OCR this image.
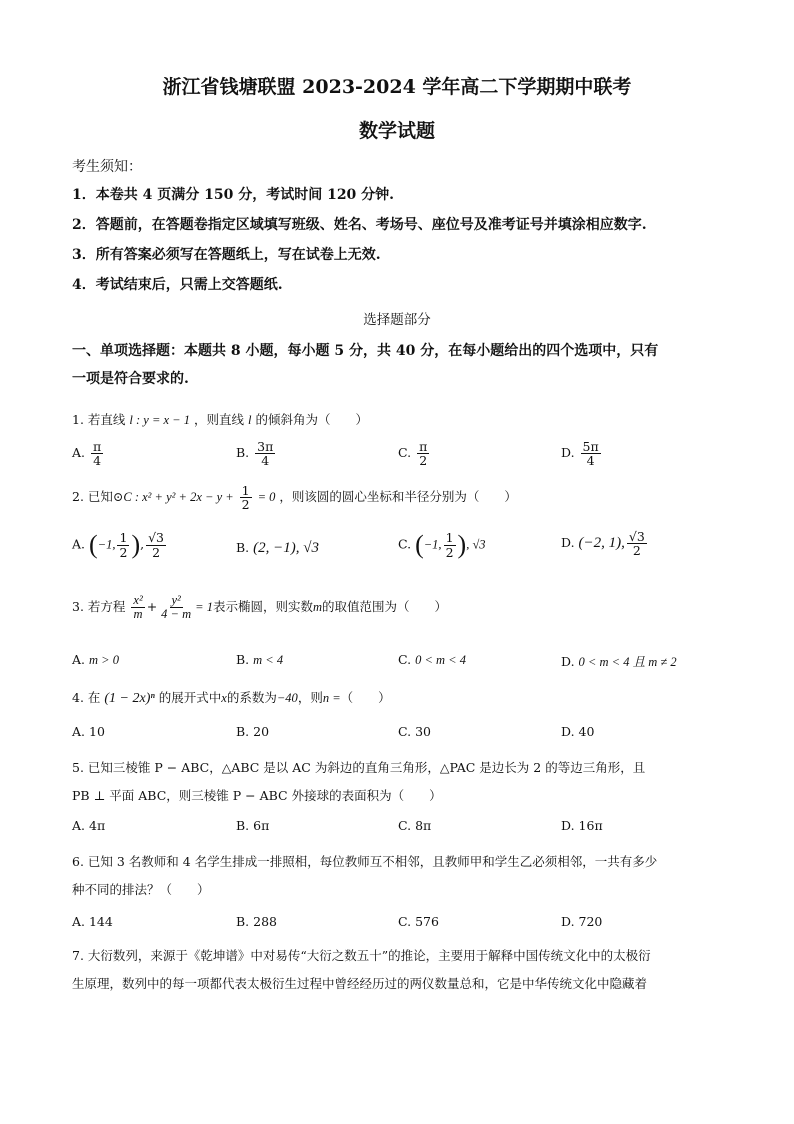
浙江省钱塘联盟 2023-2024 学年高二下学期期中联考
数学试题
考生须知：
1．本卷共 4 页满分 150 分，考试时间 120 分钟.
2．答题前，在答题卷指定区域填写班级、姓名、考场号、座位号及准考证号并填涂相应数字.
3．所有答案必须写在答题纸上，写在试卷上无效.
4．考试结束后，只需上交答题纸.
选择题部分
一、单项选择题：本题共 8 小题，每小题 5 分，共 40 分，在每小题给出的四个选项中，只有
一项是符合要求的.
1. 若直线 l : y = x − 1 ，则直线 l 的倾斜角为（　　）
A. $\frac{\pi}{4}$	B. $\frac{3\pi}{4}$	C. $\frac{\pi}{2}$	D. $\frac{5\pi}{4}$
2. 已知⊙C : $x^2 + y^2 + 2x - y + \frac{1}{2} = 0$ ，则该圆的圆心坐标和半径分别为（　　）
A. (−1, $\frac{1}{2}$ ), $\frac{√3}{2}$	B. (2, −1), √3	C. (−1, $\frac{1}{2}$ ), √3	D. (−2, 1), $\frac{√3}{2}$
3. 若方程 $\frac{\text{x²}}{m} + \frac{\text{y²}}{4 - m} = 1$表示椭圆，则实数m的取值范围为（　　）
A. m > 0	B. m < 4	C. 0 < m < 4	D. 0 < m < 4 且 m ≠ 2
4. 在 (1 − 2x)ⁿ 的展开式中x的系数为−40，则n =（　　）
A. 10	B. 20	C. 30	D. 40
5. 已知三棱锥 P − ABC，△ABC 是以 AC 为斜边的直角三角形，△PAC 是边长为 2 的等边三角形，且
PB ⊥ 平面 ABC，则三棱锥 P − ABC 外接球的表面积为（　　）
A. 4π	B. 6π	C. 8π	D. 16π
6. 已知 3 名教师和 4 名学生排成一排照相，每位教师互不相邻，且教师甲和学生乙必须相邻，一共有多少
种不同的排法？（　　）
A. 144	B. 288	C. 576	D. 720
7. 大衍数列，来源于《乾坤谱》中对易传“大衍之数五十”的推论，主要用于解释中国传统文化中的太极衍
生原理，数列中的每一项都代表太极衍生过程中曾经经历过的两仪数量总和，它是中华传统文化中隐藏着
